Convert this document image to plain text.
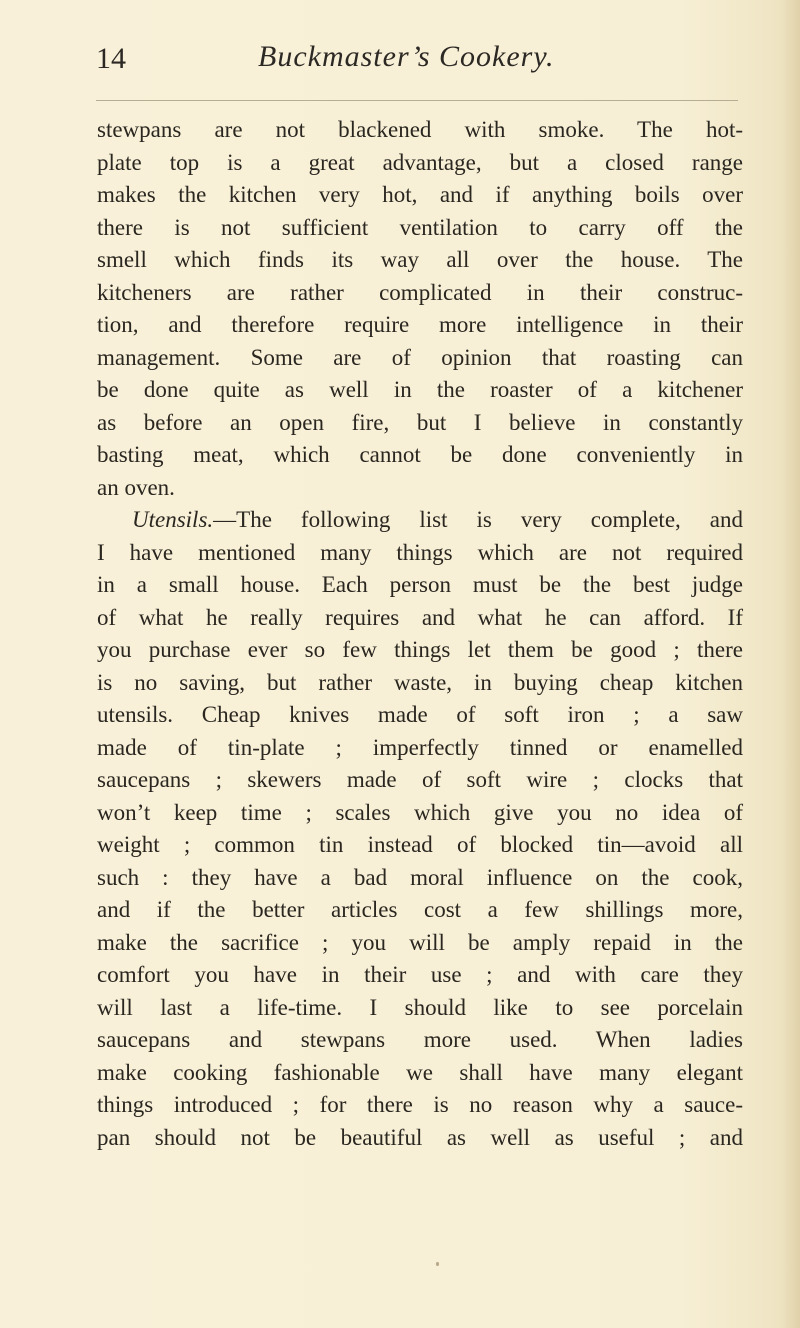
14	Buckmaster’s Cookery.
stewpans are not blackened with smoke. The hot-
plate top is a great advantage, but a closed range
makes the kitchen very hot, and if anything boils over
there is not sufficient ventilation to carry off the
smell which finds its way all over the house. The
kitcheners are rather complicated in their construc-
tion, and therefore require more intelligence in their
management. Some are of opinion that roasting can
be done quite as well in the roaster of a kitchener
as before an open fire, but I believe in constantly
basting meat, which cannot be done conveniently in
an oven.
Utensils.—The following list is very complete, and
I have mentioned many things which are not required
in a small house. Each person must be the best judge
of what he really requires and what he can afford. If
you purchase ever so few things let them be good ; there
is no saving, but rather waste, in buying cheap kitchen
utensils. Cheap knives made of soft iron ; a saw
made of tin-plate ; imperfectly tinned or enamelled
saucepans ; skewers made of soft wire ; clocks that
won’t keep time ; scales which give you no idea of
weight ; common tin instead of blocked tin—avoid all
such : they have a bad moral influence on the cook,
and if the better articles cost a few shillings more,
make the sacrifice ; you will be amply repaid in the
comfort you have in their use ; and with care they
will last a life-time. I should like to see porcelain
saucepans and stewpans more used. When ladies
make cooking fashionable we shall have many elegant
things introduced ; for there is no reason why a sauce-
pan should not be beautiful as well as useful ; and
